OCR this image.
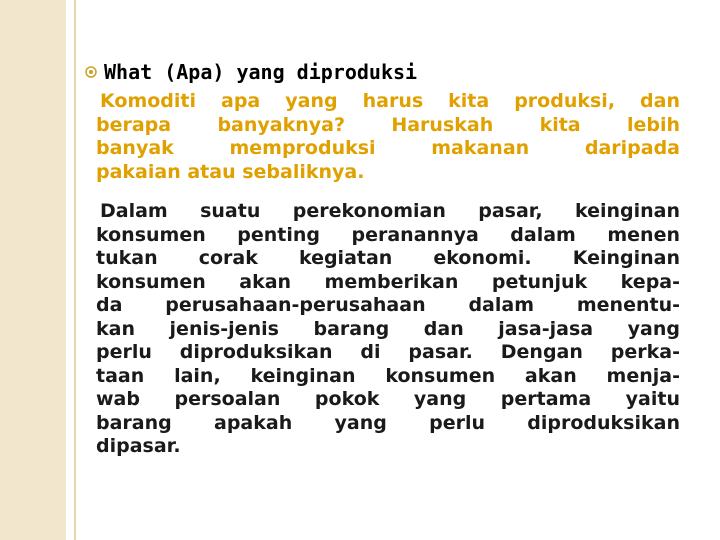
What (Apa) yang diproduksi
Komoditi apa yang harus kita produksi, dan
berapa banyaknya? Haruskah kita lebih
banyak memproduksi makanan daripada
pakaian atau sebaliknya.
Dalam suatu perekonomian pasar, keinginan
konsumen penting peranannya dalam menen
tukan corak kegiatan ekonomi. Keinginan
konsumen akan memberikan petunjuk kepa-
da perusahaan-perusahaan dalam menentu-
kan jenis-jenis barang dan jasa-jasa yang
perlu diproduksikan di pasar. Dengan perka-
taan lain, keinginan konsumen akan menja-
wab persoalan pokok yang pertama yaitu
barang apakah yang perlu diproduksikan
dipasar.
